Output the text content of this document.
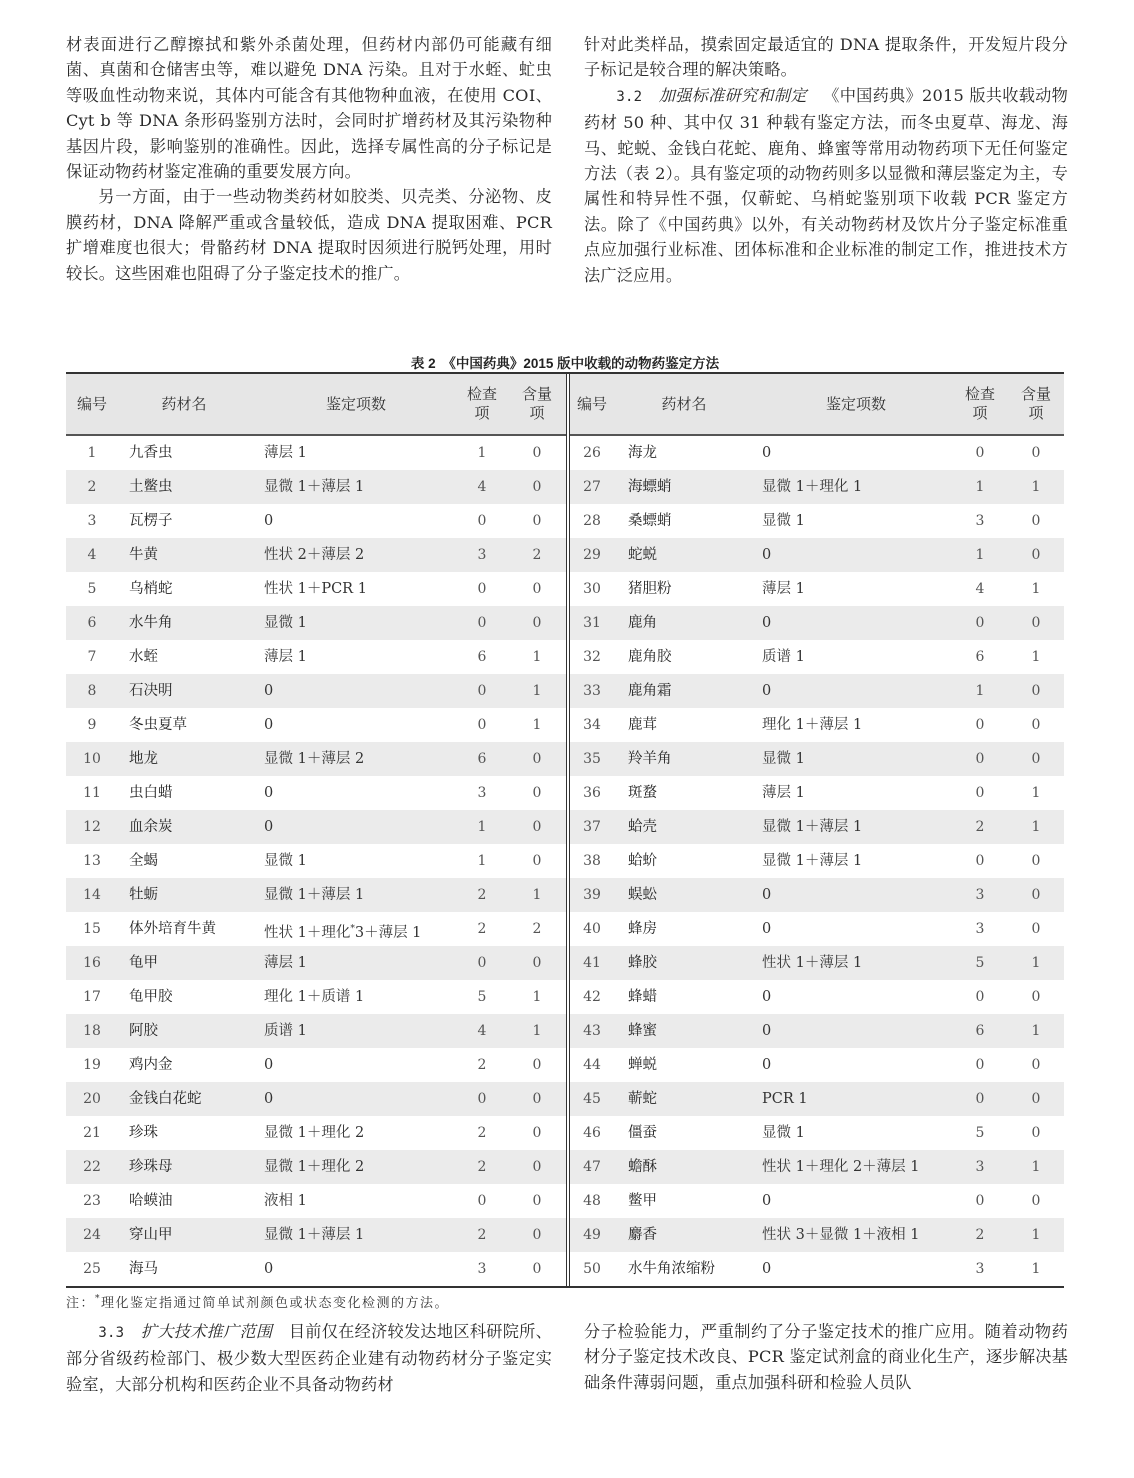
材表面进行乙醇擦拭和紫外杀菌处理，但药材内部仍可能藏有细菌、真菌和仓储害虫等，难以避免 DNA 污染。且对于水蛭、虻虫等吸血性动物来说，其体内可能含有其他物种血液，在使用 COⅠ、Cyt b 等 DNA 条形码鉴别方法时，会同时扩增药材及其污染物种基因片段，影响鉴别的准确性。因此，选择专属性高的分子标记是保证动物药材鉴定准确的重要发展方向。

另一方面，由于一些动物类药材如胶类、贝壳类、分泌物、皮膜药材，DNA 降解严重或含量较低，造成 DNA 提取困难、PCR 扩增难度也很大；骨骼药材 DNA 提取时因须进行脱钙处理，用时较长。这些困难也阻碍了分子鉴定技术的推广。

针对此类样品，摸索固定最适宜的 DNA 提取条件，开发短片段分子标记是较合理的解决策略。

3.2  加强标准研究和制定  《中国药典》2015 版共收载动物药材 50 种、其中仅 31 种载有鉴定方法，而冬虫夏草、海龙、海马、蛇蜕、金钱白花蛇、鹿角、蜂蜜等常用动物药项下无任何鉴定方法（表 2）。具有鉴定项的动物药则多以显微和薄层鉴定为主，专属性和特异性不强，仅蕲蛇、乌梢蛇鉴别项下收载 PCR 鉴定方法。除了《中国药典》以外，有关动物药材及饮片分子鉴定标准重点应加强行业标准、团体标准和企业标准的制定工作，推进技术方法广泛应用。

表 2　《中国药典》2015 版中收载的动物药鉴定方法
编号	药材名	鉴定项数
检查项
含量项
1	九香虫	薄层 1	1	0
2	土鳖虫	显微 1＋薄层 1	4	0
3	瓦楞子	0	0	0
4	牛黄	性状 2＋薄层 2	3	2
5	乌梢蛇	性状 1＋PCR 1	0	0
6	水牛角	显微 1	0	0
7	水蛭	薄层 1	6	1
8	石决明	0	0	1
9	冬虫夏草	0	0	1
10	地龙	显微 1＋薄层 2	6	0
11	虫白蜡	0	3	0
12	血余炭	0	1	0
13	全蝎	显微 1	1	0
14	牡蛎	显微 1＋薄层 1	2	1
15	体外培育牛黄	性状 1＋理化*3＋薄层 1	2	2
16	龟甲	薄层 1	0	0
17	龟甲胶	理化 1＋质谱 1	5	1
18	阿胶	质谱 1	4	1
19	鸡内金	0	2	0
20	金钱白花蛇	0	0	0
21	珍珠	显微 1＋理化 2	2	0
22	珍珠母	显微 1＋理化 2	2	0
23	哈蟆油	液相 1	0	0
24	穿山甲	显微 1＋薄层 1	2	0
25	海马	0	3	0
编号	药材名	鉴定项数
检查项
含量项
26	海龙	0	0	0
27	海螵蛸	显微 1＋理化 1	1	1
28	桑螵蛸	显微 1	3	0
29	蛇蜕	0	1	0
30	猪胆粉	薄层 1	4	1
31	鹿角	0	0	0
32	鹿角胶	质谱 1	6	1
33	鹿角霜	0	1	0
34	鹿茸	理化 1＋薄层 1	0	0
35	羚羊角	显微 1	0	0
36	斑蝥	薄层 1	0	1
37	蛤壳	显微 1＋薄层 1	2	1
38	蛤蚧	显微 1＋薄层 1	0	0
39	蜈蚣	0	3	0
40	蜂房	0	3	0
41	蜂胶	性状 1＋薄层 1	5	1
42	蜂蜡	0	0	0
43	蜂蜜	0	6	1
44	蝉蜕	0	0	0
45	蕲蛇	PCR 1	0	0
46	僵蚕	显微 1	5	0
47	蟾酥	性状 1＋理化 2＋薄层 1	3	1
48	鳖甲	0	0	0
49	麝香	性状 3＋显微 1＋液相 1	2	1
50	水牛角浓缩粉	0	3	1
注：*理化鉴定指通过简单试剂颜色或状态变化检测的方法。

3.3  扩大技术推广范围  目前仅在经济较发达地区科研院所、部分省级药检部门、极少数大型医药企业建有动物药材分子鉴定实验室，大部分机构和医药企业不具备动物药材

分子检验能力，严重制约了分子鉴定技术的推广应用。随着动物药材分子鉴定技术改良、PCR 鉴定试剂盒的商业化生产，逐步解决基础条件薄弱问题，重点加强科研和检验人员队
